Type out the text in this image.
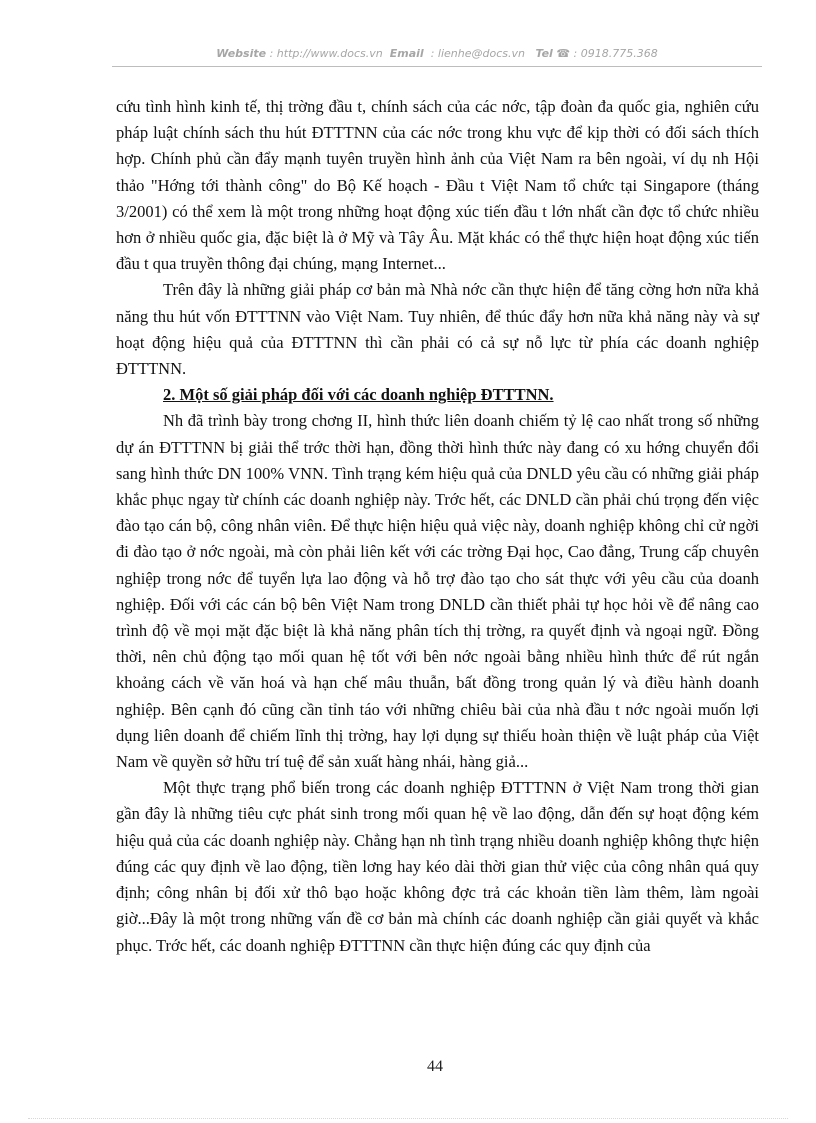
Website : http://www.docs.vn Email : lienhe@docs.vn Tel ☎ : 0918.775.368

cứu tình hình kinh tế, thị trờng đầu t, chính sách của các nớc, tập đoàn đa quốc gia, nghiên cứu pháp luật chính sách thu hút ĐTTTNN của các nớc trong khu vực để kịp thời có đối sách thích hợp. Chính phủ cần đẩy mạnh tuyên truyền hình ảnh của Việt Nam ra bên ngoài, ví dụ nh Hội thảo "Hớng tới thành công" do Bộ Kế hoạch - Đầu t Việt Nam tổ chức tại Singapore (tháng 3/2001) có thể xem là một trong những hoạt động xúc tiến đầu t lớn nhất cần đợc tổ chức nhiều hơn ở nhiều quốc gia, đặc biệt là ở Mỹ và Tây Âu. Mặt khác có thể thực hiện hoạt động xúc tiến đầu t qua truyền thông đại chúng, mạng Internet...

Trên đây là những giải pháp cơ bản mà Nhà nớc cần thực hiện để tăng cờng hơn nữa khả năng thu hút vốn ĐTTTNN vào Việt Nam. Tuy nhiên, để thúc đẩy hơn nữa khả năng này và sự hoạt động hiệu quả của ĐTTTNN thì cần phải có cả sự nỗ lực từ phía các doanh nghiệp ĐTTTNN.

2. Một số giải pháp đối với các doanh nghiệp ĐTTTNN.

Nh đã trình bày trong chơng II, hình thức liên doanh chiếm tỷ lệ cao nhất trong số những dự án ĐTTTNN bị giải thể trớc thời hạn, đồng thời hình thức này đang có xu hớng chuyển đổi sang hình thức DN 100% VNN. Tình trạng kém hiệu quả của DNLD yêu cầu có những giải pháp khắc phục ngay từ chính các doanh nghiệp này. Trớc hết, các DNLD cần phải chú trọng đến việc đào tạo cán bộ, công nhân viên. Để thực hiện hiệu quả việc này, doanh nghiệp không chỉ cử ngời đi đào tạo ở nớc ngoài, mà còn phải liên kết với các trờng Đại học, Cao đẳng, Trung cấp chuyên nghiệp trong nớc để tuyển lựa lao động và hỗ trợ đào tạo cho sát thực với yêu cầu của doanh nghiệp. Đối với các cán bộ bên Việt Nam trong DNLD cần thiết phải tự học hỏi về để nâng cao trình độ về mọi mặt đặc biệt là khả năng phân tích thị trờng, ra quyết định và ngoại ngữ. Đồng thời, nên chủ động tạo mối quan hệ tốt với bên nớc ngoài bằng nhiều hình thức để rút ngắn khoảng cách về văn hoá và hạn chế mâu thuẫn, bất đồng trong quản lý và điều hành doanh nghiệp. Bên cạnh đó cũng cần tỉnh táo với những chiêu bài của nhà đầu t nớc ngoài muốn lợi dụng liên doanh để chiếm lĩnh thị trờng, hay lợi dụng sự thiếu hoàn thiện về luật pháp của Việt Nam về quyền sở hữu trí tuệ để sản xuất hàng nhái, hàng giả...

Một thực trạng phổ biến trong các doanh nghiệp ĐTTTNN ở Việt Nam trong thời gian gần đây là những tiêu cực phát sinh trong mối quan hệ về lao động, dẫn đến sự hoạt động kém hiệu quả của các doanh nghiệp này. Chẳng hạn nh tình trạng nhiều doanh nghiệp không thực hiện đúng các quy định về lao động, tiền lơng hay kéo dài thời gian thử việc của công nhân quá quy định; công nhân bị đối xử thô bạo hoặc không đợc trả các khoản tiền làm thêm, làm ngoài giờ...Đây là một trong những vấn đề cơ bản mà chính các doanh nghiệp cần giải quyết và khắc phục. Trớc hết, các doanh nghiệp ĐTTTNN cần thực hiện đúng các quy định của

44
